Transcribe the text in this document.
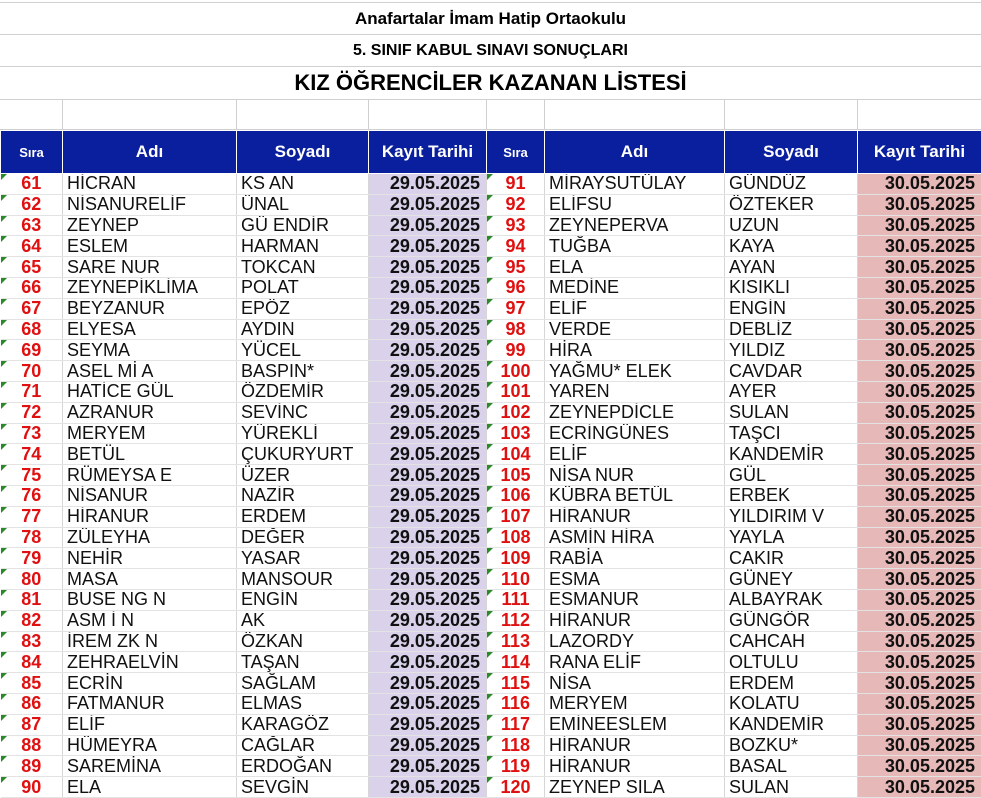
Anafartalar İmam Hatip Ortaokulu
5. SINIF KABUL SINAVI SONUÇLARI
KIZ ÖĞRENCİLER KAZANAN LİSTESİ
Sıra	Adı	Soyadı	Kayıt Tarihi	Sıra	Adı	Soyadı	Kayıt Tarihi
61	HİCRAN	KS AN	29.05.2025	91	MİRAYSUTÜLAY	GÜNDÜZ	30.05.2025
62	NİSANURELİF	ÜNAL	29.05.2025	92	ELİFSU	ÖZTEKER	30.05.2025
63	ZEYNEP	GÜ ENDİR	29.05.2025	93	ZEYNEPERVA	UZUN	30.05.2025
64	ESLEM	HARMAN	29.05.2025	94	TUĞBA	KAYA	30.05.2025
65	SARE NUR	TOKCAN	29.05.2025	95	ELA	AYAN	30.05.2025
66	ZEYNEPİKLİMA	POLAT	29.05.2025	96	MEDİNE	KISIKLI	30.05.2025
67	BEYZANUR	EPÖZ	29.05.2025	97	ELİF	ENGİN	30.05.2025
68	ELYESA	AYDIN	29.05.2025	98	VERDE	DEBLİZ	30.05.2025
69	SEYMA	YÜCEL	29.05.2025	99	HİRA	YILDIZ	30.05.2025
70	ASEL Mİ A	BASPIN*	29.05.2025	100	YAĞMU* ELEK	CAVDAR	30.05.2025
71	HATİCE GÜL	ÖZDEMİR	29.05.2025	101	YAREN	AYER	30.05.2025
72	AZRANUR	SEVİNC	29.05.2025	102	ZEYNEPDİCLE	SULAN	30.05.2025
73	MERYEM	YÜREKLİ	29.05.2025	103	ECRİNGÜNES	TAŞCI	30.05.2025
74	BETÜL	ÇUKURYURT	29.05.2025	104	ELİF	KANDEMİR	30.05.2025
75	RÜMEYSA E	ÜZER	29.05.2025	105	NİSA NUR	GÜL	30.05.2025
76	NİSANUR	NAZİR	29.05.2025	106	KÜBRA BETÜL	ERBEK	30.05.2025
77	HİRANUR	ERDEM	29.05.2025	107	HİRANUR	YILDIRIM V	30.05.2025
78	ZÜLEYHA	DEĞER	29.05.2025	108	ASMİN HİRA	YAYLA	30.05.2025
79	NEHİR	YASAR	29.05.2025	109	RABİA	CAKIR	30.05.2025
80	MASA	MANSOUR	29.05.2025	110	ESMA	GÜNEY	30.05.2025
81	BUSE NG N	ENGİN	29.05.2025	111	ESMANUR	ALBAYRAK	30.05.2025
82	ASM İ N	AK	29.05.2025	112	HİRANUR	GÜNGÖR	30.05.2025
83	İREM ZK N	ÖZKAN	29.05.2025	113	LAZORDY	CAHCAH	30.05.2025
84	ZEHRAELVİN	TAŞAN	29.05.2025	114	RANA ELİF	OLTULU	30.05.2025
85	ECRİN	SAĞLAM	29.05.2025	115	NİSA	ERDEM	30.05.2025
86	FATMANUR	ELMAS	29.05.2025	116	MERYEM	KOLATU	30.05.2025
87	ELİF	KARAGÖZ	29.05.2025	117	EMİNEESLEM	KANDEMİR	30.05.2025
88	HÜMEYRA	CAĞLAR	29.05.2025	118	HİRANUR	BOZKU*	30.05.2025
89	SAREMİNA	ERDOĞAN	29.05.2025	119	HİRANUR	BASAL	30.05.2025
90	ELA	SEVGİN	29.05.2025	120	ZEYNEP SILA	SULAN	30.05.2025
